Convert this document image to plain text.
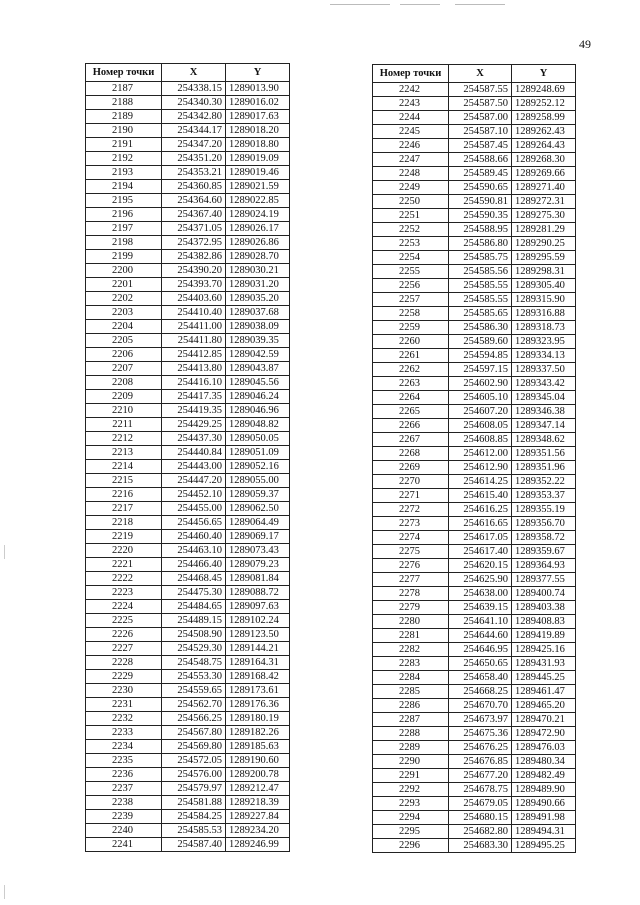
49
Номер точки	X	Y
2187	254338.15	1289013.90
2188	254340.30	1289016.02
2189	254342.80	1289017.63
2190	254344.17	1289018.20
2191	254347.20	1289018.80
2192	254351.20	1289019.09
2193	254353.21	1289019.46
2194	254360.85	1289021.59
2195	254364.60	1289022.85
2196	254367.40	1289024.19
2197	254371.05	1289026.17
2198	254372.95	1289026.86
2199	254382.86	1289028.70
2200	254390.20	1289030.21
2201	254393.70	1289031.20
2202	254403.60	1289035.20
2203	254410.40	1289037.68
2204	254411.00	1289038.09
2205	254411.80	1289039.35
2206	254412.85	1289042.59
2207	254413.80	1289043.87
2208	254416.10	1289045.56
2209	254417.35	1289046.24
2210	254419.35	1289046.96
2211	254429.25	1289048.82
2212	254437.30	1289050.05
2213	254440.84	1289051.09
2214	254443.00	1289052.16
2215	254447.20	1289055.00
2216	254452.10	1289059.37
2217	254455.00	1289062.50
2218	254456.65	1289064.49
2219	254460.40	1289069.17
2220	254463.10	1289073.43
2221	254466.40	1289079.23
2222	254468.45	1289081.84
2223	254475.30	1289088.72
2224	254484.65	1289097.63
2225	254489.15	1289102.24
2226	254508.90	1289123.50
2227	254529.30	1289144.21
2228	254548.75	1289164.31
2229	254553.30	1289168.42
2230	254559.65	1289173.61
2231	254562.70	1289176.36
2232	254566.25	1289180.19
2233	254567.80	1289182.26
2234	254569.80	1289185.63
2235	254572.05	1289190.60
2236	254576.00	1289200.78
2237	254579.97	1289212.47
2238	254581.88	1289218.39
2239	254584.25	1289227.84
2240	254585.53	1289234.20
2241	254587.40	1289246.99
Номер точки	X	Y
2242	254587.55	1289248.69
2243	254587.50	1289252.12
2244	254587.00	1289258.99
2245	254587.10	1289262.43
2246	254587.45	1289264.43
2247	254588.66	1289268.30
2248	254589.45	1289269.66
2249	254590.65	1289271.40
2250	254590.81	1289272.31
2251	254590.35	1289275.30
2252	254588.95	1289281.29
2253	254586.80	1289290.25
2254	254585.75	1289295.59
2255	254585.56	1289298.31
2256	254585.55	1289305.40
2257	254585.55	1289315.90
2258	254585.65	1289316.88
2259	254586.30	1289318.73
2260	254589.60	1289323.95
2261	254594.85	1289334.13
2262	254597.15	1289337.50
2263	254602.90	1289343.42
2264	254605.10	1289345.04
2265	254607.20	1289346.38
2266	254608.05	1289347.14
2267	254608.85	1289348.62
2268	254612.00	1289351.56
2269	254612.90	1289351.96
2270	254614.25	1289352.22
2271	254615.40	1289353.37
2272	254616.25	1289355.19
2273	254616.65	1289356.70
2274	254617.05	1289358.72
2275	254617.40	1289359.67
2276	254620.15	1289364.93
2277	254625.90	1289377.55
2278	254638.00	1289400.74
2279	254639.15	1289403.38
2280	254641.10	1289408.83
2281	254644.60	1289419.89
2282	254646.95	1289425.16
2283	254650.65	1289431.93
2284	254658.40	1289445.25
2285	254668.25	1289461.47
2286	254670.70	1289465.20
2287	254673.97	1289470.21
2288	254675.36	1289472.90
2289	254676.25	1289476.03
2290	254676.85	1289480.34
2291	254677.20	1289482.49
2292	254678.75	1289489.90
2293	254679.05	1289490.66
2294	254680.15	1289491.98
2295	254682.80	1289494.31
2296	254683.30	1289495.25
